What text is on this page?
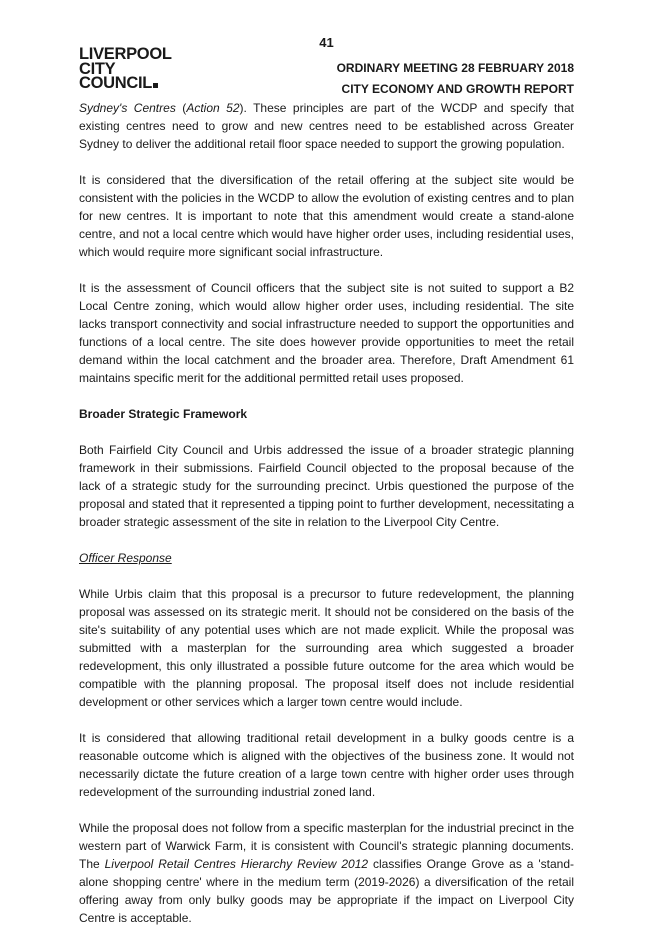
41
LIVERPOOL
CITY
COUNCIL
ORDINARY MEETING 28 FEBRUARY 2018
CITY ECONOMY AND GROWTH REPORT

Sydney's Centres (Action 52). These principles are part of the WCDP and specify that existing centres need to grow and new centres need to be established across Greater Sydney to deliver the additional retail floor space needed to support the growing population.

It is considered that the diversification of the retail offering at the subject site would be consistent with the policies in the WCDP to allow the evolution of existing centres and to plan for new centres. It is important to note that this amendment would create a stand-alone centre, and not a local centre which would have higher order uses, including residential uses, which would require more significant social infrastructure.

It is the assessment of Council officers that the subject site is not suited to support a B2 Local Centre zoning, which would allow higher order uses, including residential. The site lacks transport connectivity and social infrastructure needed to support the opportunities and functions of a local centre. The site does however provide opportunities to meet the retail demand within the local catchment and the broader area. Therefore, Draft Amendment 61 maintains specific merit for the additional permitted retail uses proposed.

Broader Strategic Framework

Both Fairfield City Council and Urbis addressed the issue of a broader strategic planning framework in their submissions. Fairfield Council objected to the proposal because of the lack of a strategic study for the surrounding precinct. Urbis questioned the purpose of the proposal and stated that it represented a tipping point to further development, necessitating a broader strategic assessment of the site in relation to the Liverpool City Centre.

Officer Response

While Urbis claim that this proposal is a precursor to future redevelopment, the planning proposal was assessed on its strategic merit. It should not be considered on the basis of the site's suitability of any potential uses which are not made explicit. While the proposal was submitted with a masterplan for the surrounding area which suggested a broader redevelopment, this only illustrated a possible future outcome for the area which would be compatible with the planning proposal. The proposal itself does not include residential development or other services which a larger town centre would include.

It is considered that allowing traditional retail development in a bulky goods centre is a reasonable outcome which is aligned with the objectives of the business zone. It would not necessarily dictate the future creation of a large town centre with higher order uses through redevelopment of the surrounding industrial zoned land.

While the proposal does not follow from a specific masterplan for the industrial precinct in the western part of Warwick Farm, it is consistent with Council's strategic planning documents. The Liverpool Retail Centres Hierarchy Review 2012 classifies Orange Grove as a 'stand-alone shopping centre' where in the medium term (2019-2026) a diversification of the retail offering away from only bulky goods may be appropriate if the impact on Liverpool City Centre is acceptable.
